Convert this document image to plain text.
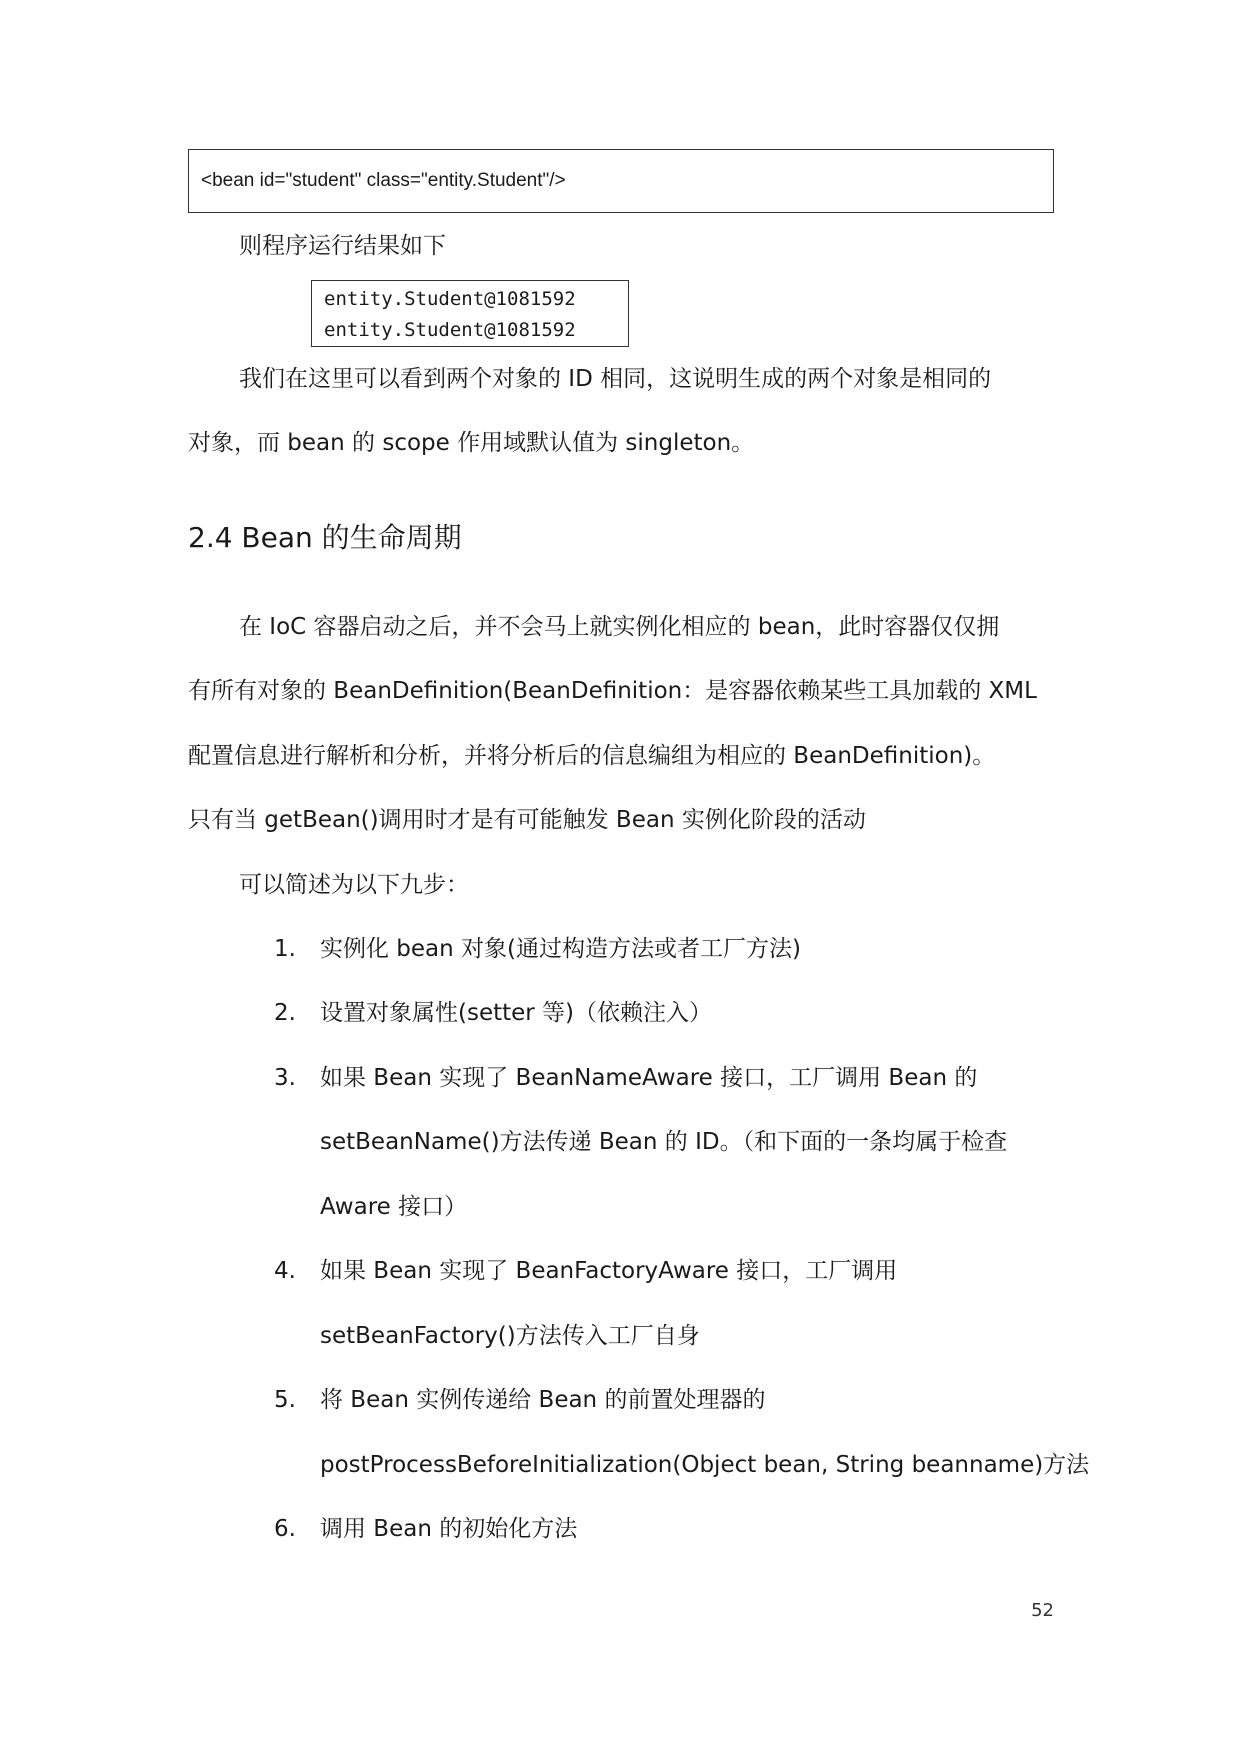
<bean id="student" class="entity.Student"/>
则程序运行结果如下
entity.Student@1081592
entity.Student@1081592
我们在这里可以看到两个对象的 ID 相同，这说明生成的两个对象是相同的
对象，而 bean 的 scope 作用域默认值为 singleton。
2.4 Bean 的生命周期
在 IoC 容器启动之后，并不会马上就实例化相应的 bean，此时容器仅仅拥
有所有对象的 BeanDefinition(BeanDefinition：是容器依赖某些工具加载的 XML
配置信息进行解析和分析，并将分析后的信息编组为相应的 BeanDefinition)。
只有当 getBean()调用时才是有可能触发 Bean 实例化阶段的活动
可以简述为以下九步：
1.	实例化 bean 对象(通过构造方法或者工厂方法)
2.	设置对象属性(setter 等)（依赖注入）
3.	如果 Bean 实现了 BeanNameAware 接口，工厂调用 Bean 的
setBeanName()方法传递 Bean 的 ID。（和下面的一条均属于检查
Aware 接口）
4.	如果 Bean 实现了 BeanFactoryAware 接口，工厂调用
setBeanFactory()方法传入工厂自身
5.	将 Bean 实例传递给 Bean 的前置处理器的
postProcessBeforeInitialization(Object bean, String beanname)方法
6.	调用 Bean 的初始化方法
52
